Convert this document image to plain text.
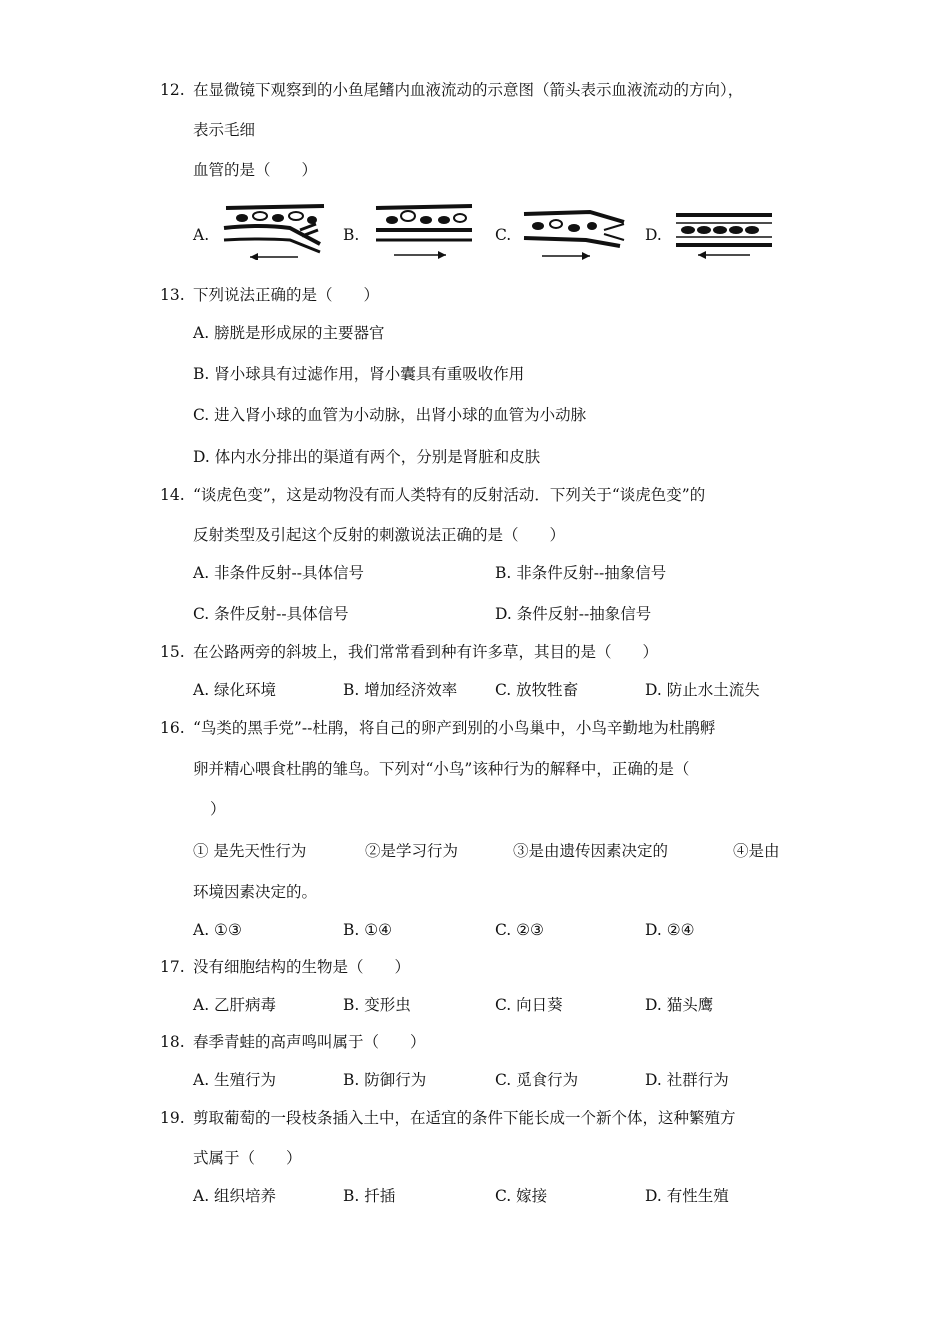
12. 在显微镜下观察到的小鱼尾鳍内血液流动的示意图（箭头表示血液流动的方向），
表示毛细
血管的是（　　）
A.	B.	C.	D.
13. 下列说法正确的是（　　）
A. 膀胱是形成尿的主要器官
B. 肾小球具有过滤作用，肾小囊具有重吸收作用
C. 进入肾小球的血管为小动脉，出肾小球的血管为小动脉
D. 体内水分排出的渠道有两个，分别是肾脏和皮肤
14. “谈虎色变”，这是动物没有而人类特有的反射活动．下列关于“谈虎色变”的
反射类型及引起这个反射的刺激说法正确的是（　　）
A. 非条件反射--具体信号	B. 非条件反射--抽象信号
C. 条件反射--具体信号	D. 条件反射--抽象信号
15. 在公路两旁的斜坡上，我们常常看到种有许多草，其目的是（　　）
A. 绿化环境	B. 增加经济效率 C. 放牧牲畜	D. 防止水土流失
16. “鸟类的黑手党”--杜鹃，将自己的卵产到别的小鸟巢中，小鸟辛勤地为杜鹃孵
卵并精心喂食杜鹃的雏鸟。下列对“小鸟”该种行为的解释中，正确的是（
）
① 是先天性行为	②是学习行为	③是由遗传因素决定的	④是由
环境因素决定的。
A. ①③	B. ①④	C. ②③	D. ②④
17. 没有细胞结构的生物是（　　）
A. 乙肝病毒	B. 变形虫	C. 向日葵	D. 猫头鹰
18. 春季青蛙的高声鸣叫属于（　　）
A. 生殖行为	B. 防御行为	C. 觅食行为	D. 社群行为
19. 剪取葡萄的一段枝条插入土中，在适宜的条件下能长成一个新个体，这种繁殖方
式属于（　　）
A. 组织培养	B. 扦插	C. 嫁接	D. 有性生殖
